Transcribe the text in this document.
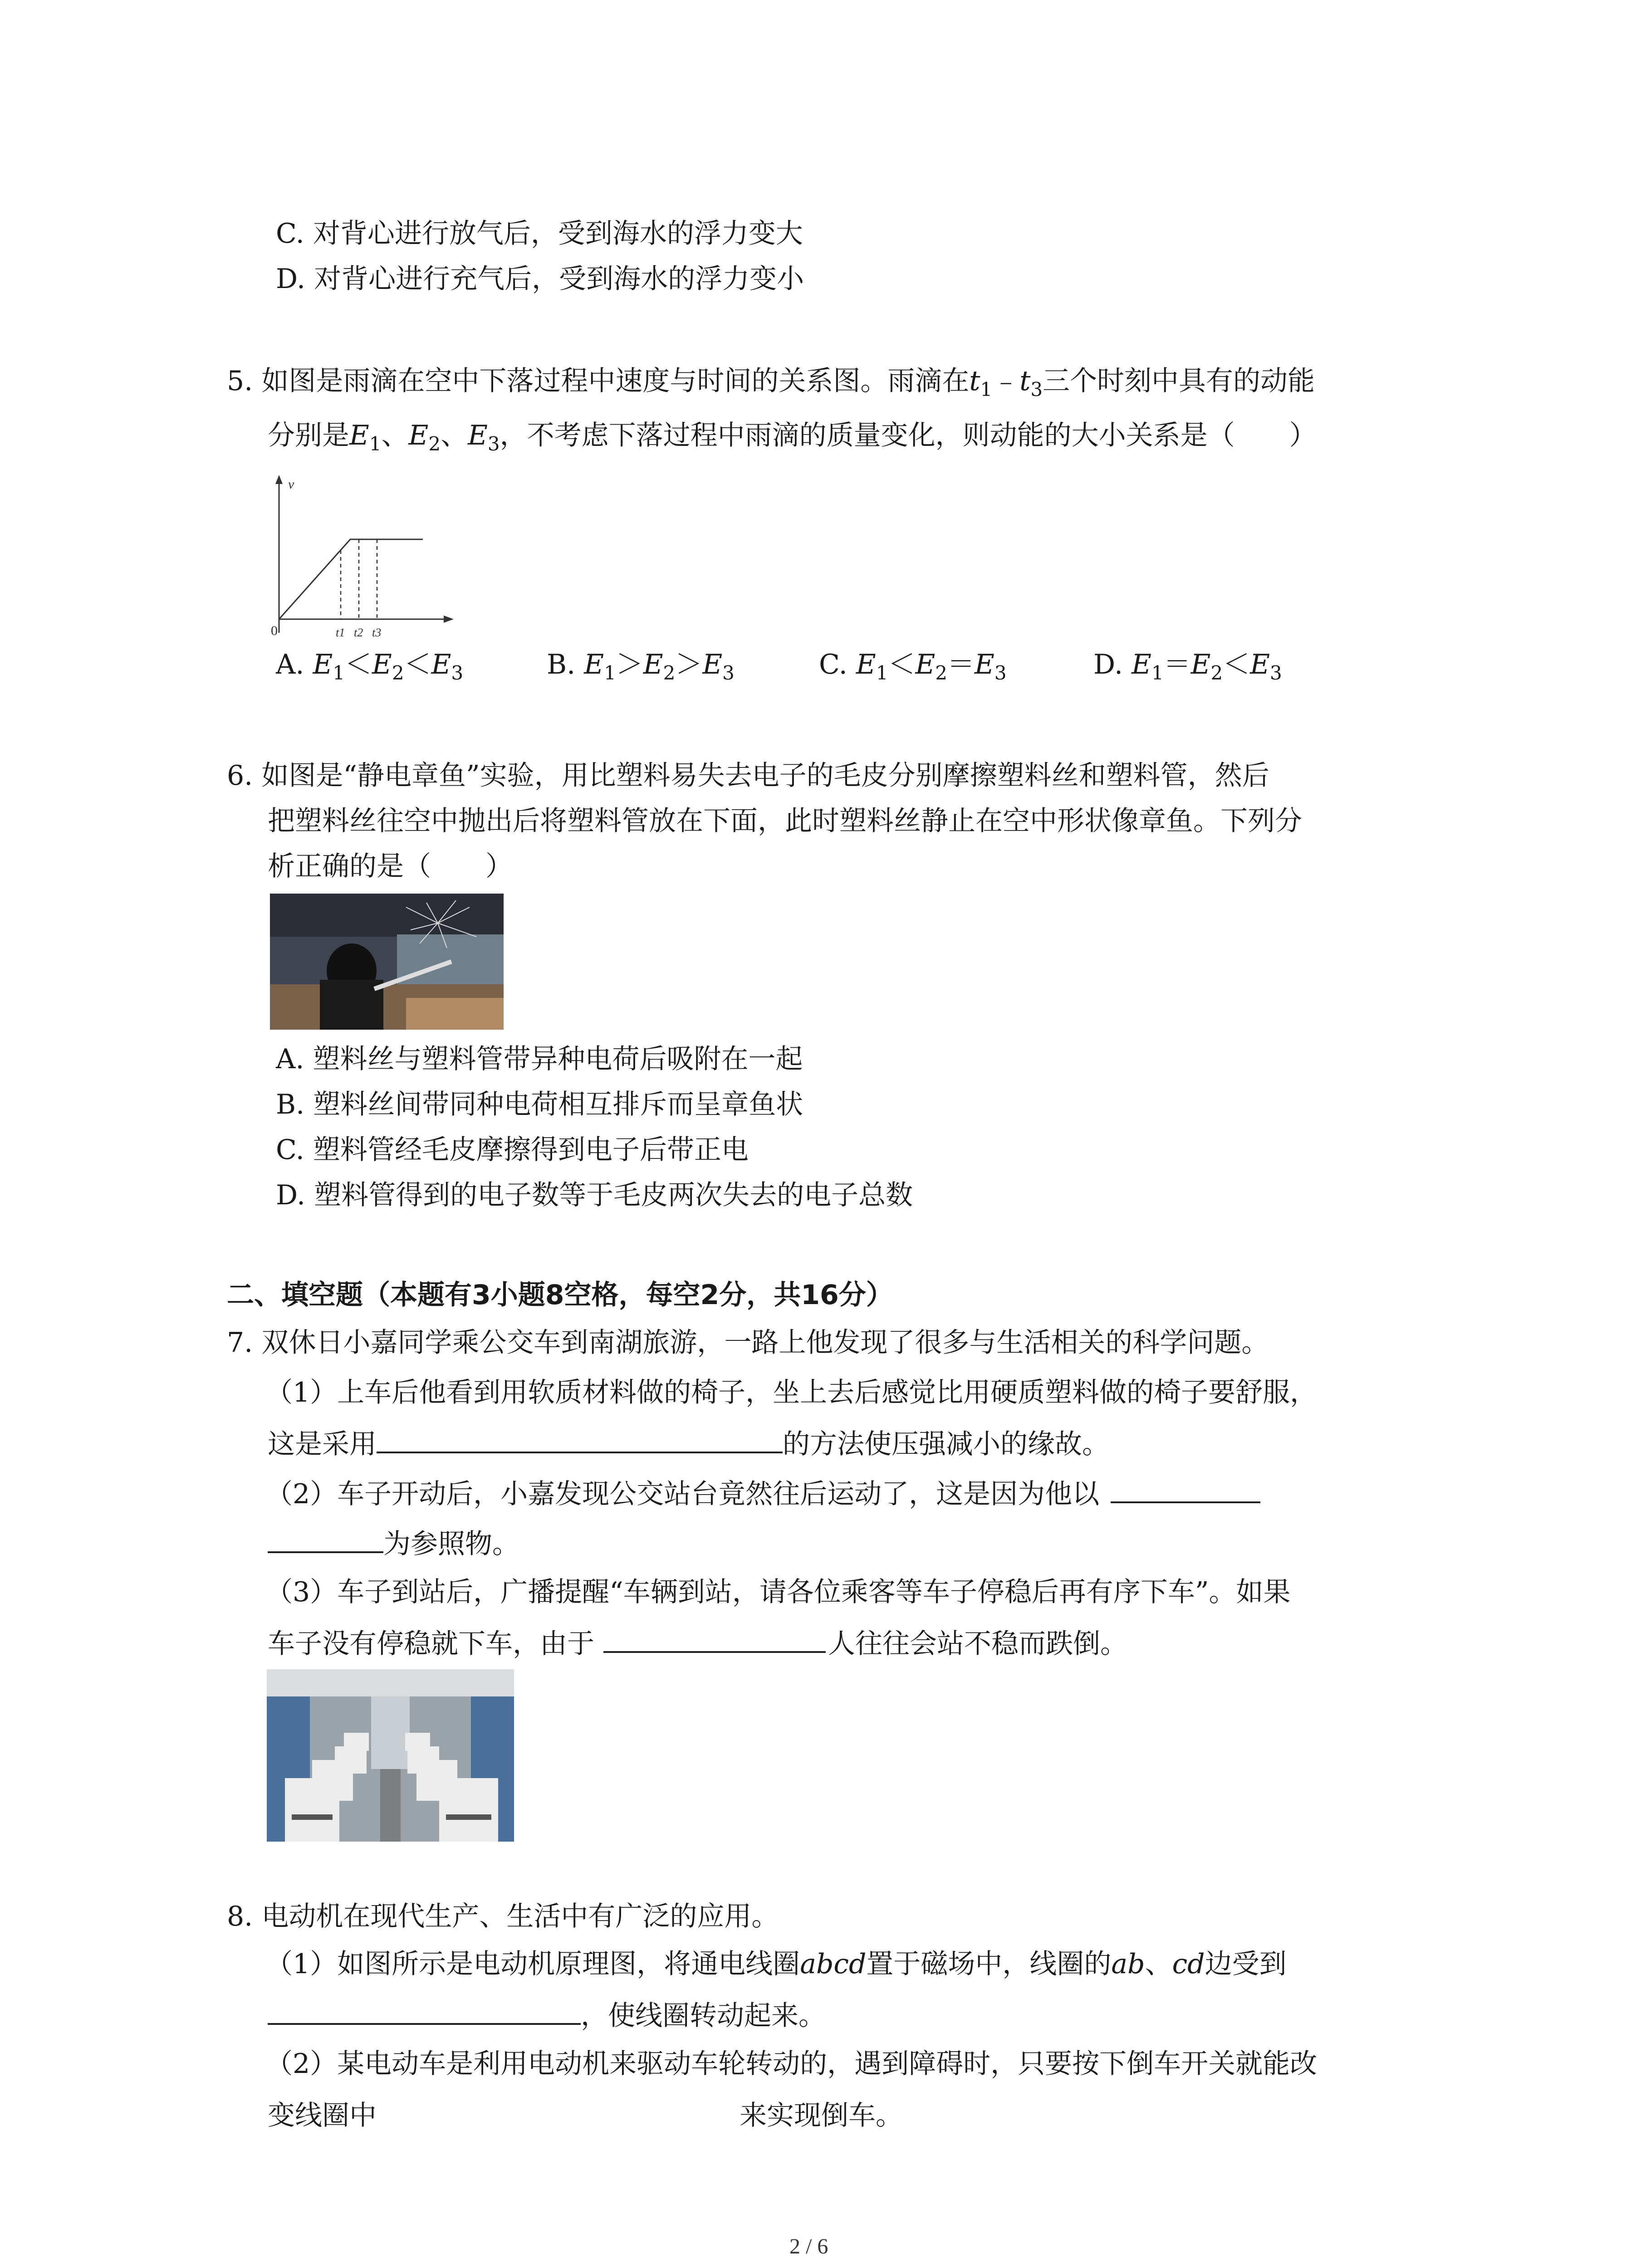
C. 对背心进行放气后，受到海水的浮力变大
D. 对背心进行充气后，受到海水的浮力变小
5. 如图是雨滴在空中下落过程中速度与时间的关系图。雨滴在$t_1﹣t_3$三个时刻中具有的动能
分别是$E_1$、$E_2$、$E_3$，不考虑下落过程中雨滴的质量变化，则动能的大小关系是（　　）
v
0	t1 t2 t3
A. $E_1<E_2<E_3$	B. $E_1>E_2>E_3$	C. $E_1<E_2=E_3$	D. $E_1=E_2<E_3$
6. 如图是“静电章鱼”实验，用比塑料易失去电子的毛皮分别摩擦塑料丝和塑料管，然后
把塑料丝往空中抛出后将塑料管放在下面，此时塑料丝静止在空中形状像章鱼。下列分
析正确的是（　　）
A. 塑料丝与塑料管带异种电荷后吸附在一起
B. 塑料丝间带同种电荷相互排斥而呈章鱼状
C. 塑料管经毛皮摩擦得到电子后带正电
D. 塑料管得到的电子数等于毛皮两次失去的电子总数
二、填空题（本题有3小题8空格，每空2分，共16分）
7. 双休日小嘉同学乘公交车到南湖旅游，一路上他发现了很多与生活相关的科学问题。
（1）上车后他看到用软质材料做的椅子，坐上去后感觉比用硬质塑料做的椅子要舒服，
这是采用	的方法使压强减小的缘故。
（2）车子开动后，小嘉发现公交站台竟然往后运动了，这是因为他以
为参照物。
（3）车子到站后，广播提醒“车辆到站，请各位乘客等车子停稳后再有序下车”。如果
车子没有停稳就下车，由于	人往往会站不稳而跌倒。
8. 电动机在现代生产、生活中有广泛的应用。
（1）如图所示是电动机原理图，将通电线圈abcd置于磁场中，线圈的ab、cd边受到
，使线圈转动起来。
（2）某电动车是利用电动机来驱动车轮转动的，遇到障碍时，只要按下倒车开关就能改
变线圈中	来实现倒车。
2 / 6
